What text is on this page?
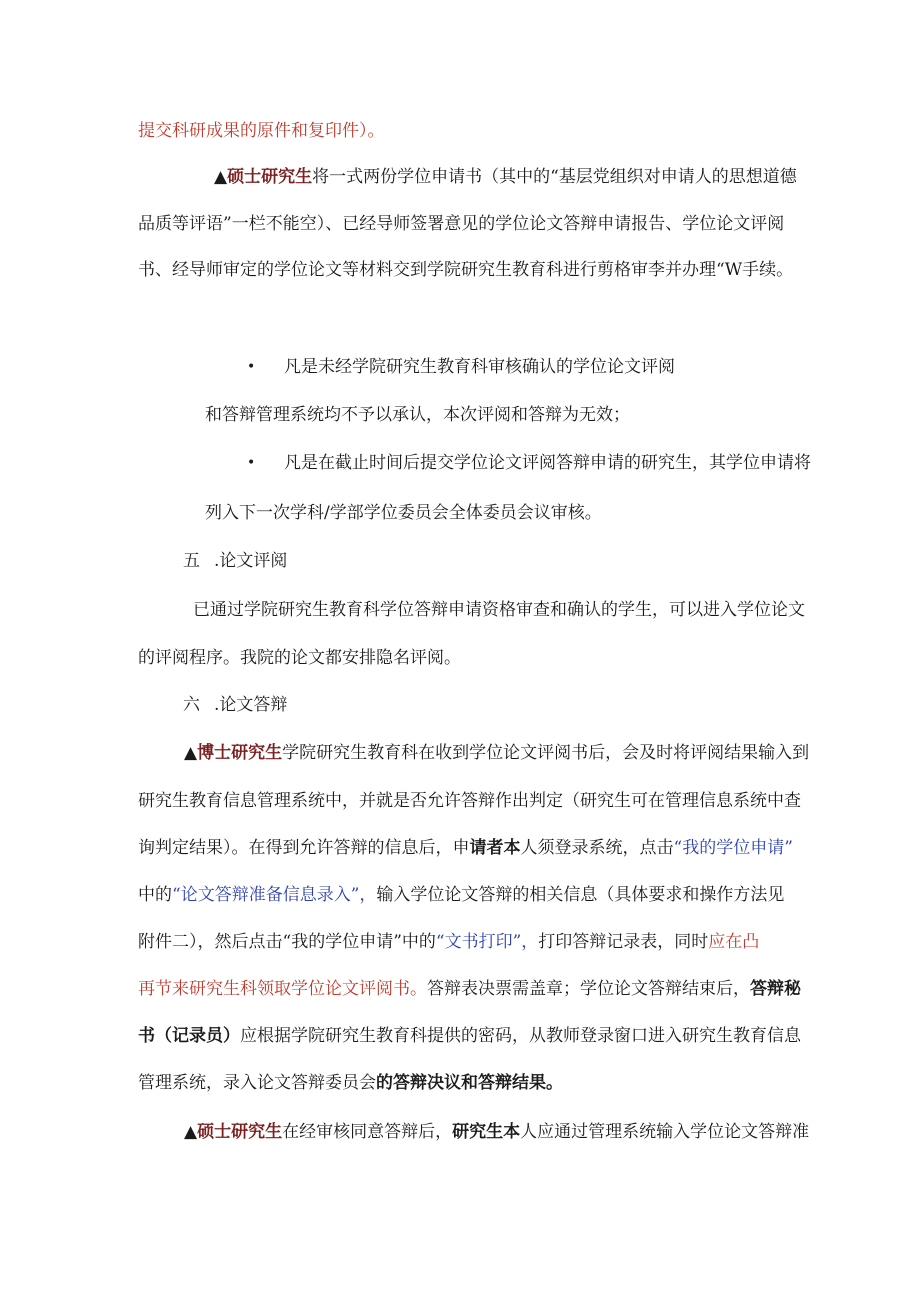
提交科研成果的原件和复印件）。
▲硕士研究生将一式两份学位申请书（其中的“基层党组织对申请人的思想道德
品质等评语”一栏不能空）、已经导师签署意见的学位论文答辩申请报告、学位论文评阅
书、经导师审定的学位论文等材料交到学院研究生教育科进行剪格审李并办理“W手续。
• 凡是未经学院研究生教育科审核确认的学位论文评阅
和答辩管理系统均不予以承认，本次评阅和答辩为无效；
• 凡是在截止时间后提交学位论文评阅答辩申请的研究生，其学位申请将
列入下一次学科/学部学位委员会全体委员会议审核。
五 .论文评阅
已通过学院研究生教育科学位答辩申请资格审查和确认的学生，可以进入学位论文
的评阅程序。我院的论文都安排隐名评阅。
六 .论文答辩
▲博士研究生学院研究生教育科在收到学位论文评阅书后，会及时将评阅结果输入到
研究生教育信息管理系统中，并就是否允许答辩作出判定（研究生可在管理信息系统中查
询判定结果）。在得到允许答辩的信息后，申请者本人须登录系统，点击“我的学位申请”
中的“论文答辩准备信息录入”，输入学位论文答辩的相关信息（具体要求和操作方法见
附件二），然后点击“我的学位申请”中的“文书打印”，打印答辩记录表，同时应在凸
再节来研究生科领取学位论文评阅书。答辩表决票需盖章；学位论文答辩结束后，答辩秘
书（记录员）应根据学院研究生教育科提供的密码，从教师登录窗口进入研究生教育信息
管理系统，录入论文答辩委员会的答辩决议和答辩结果。
▲硕士研究生在经审核同意答辩后，研究生本人应通过管理系统输入学位论文答辩准
